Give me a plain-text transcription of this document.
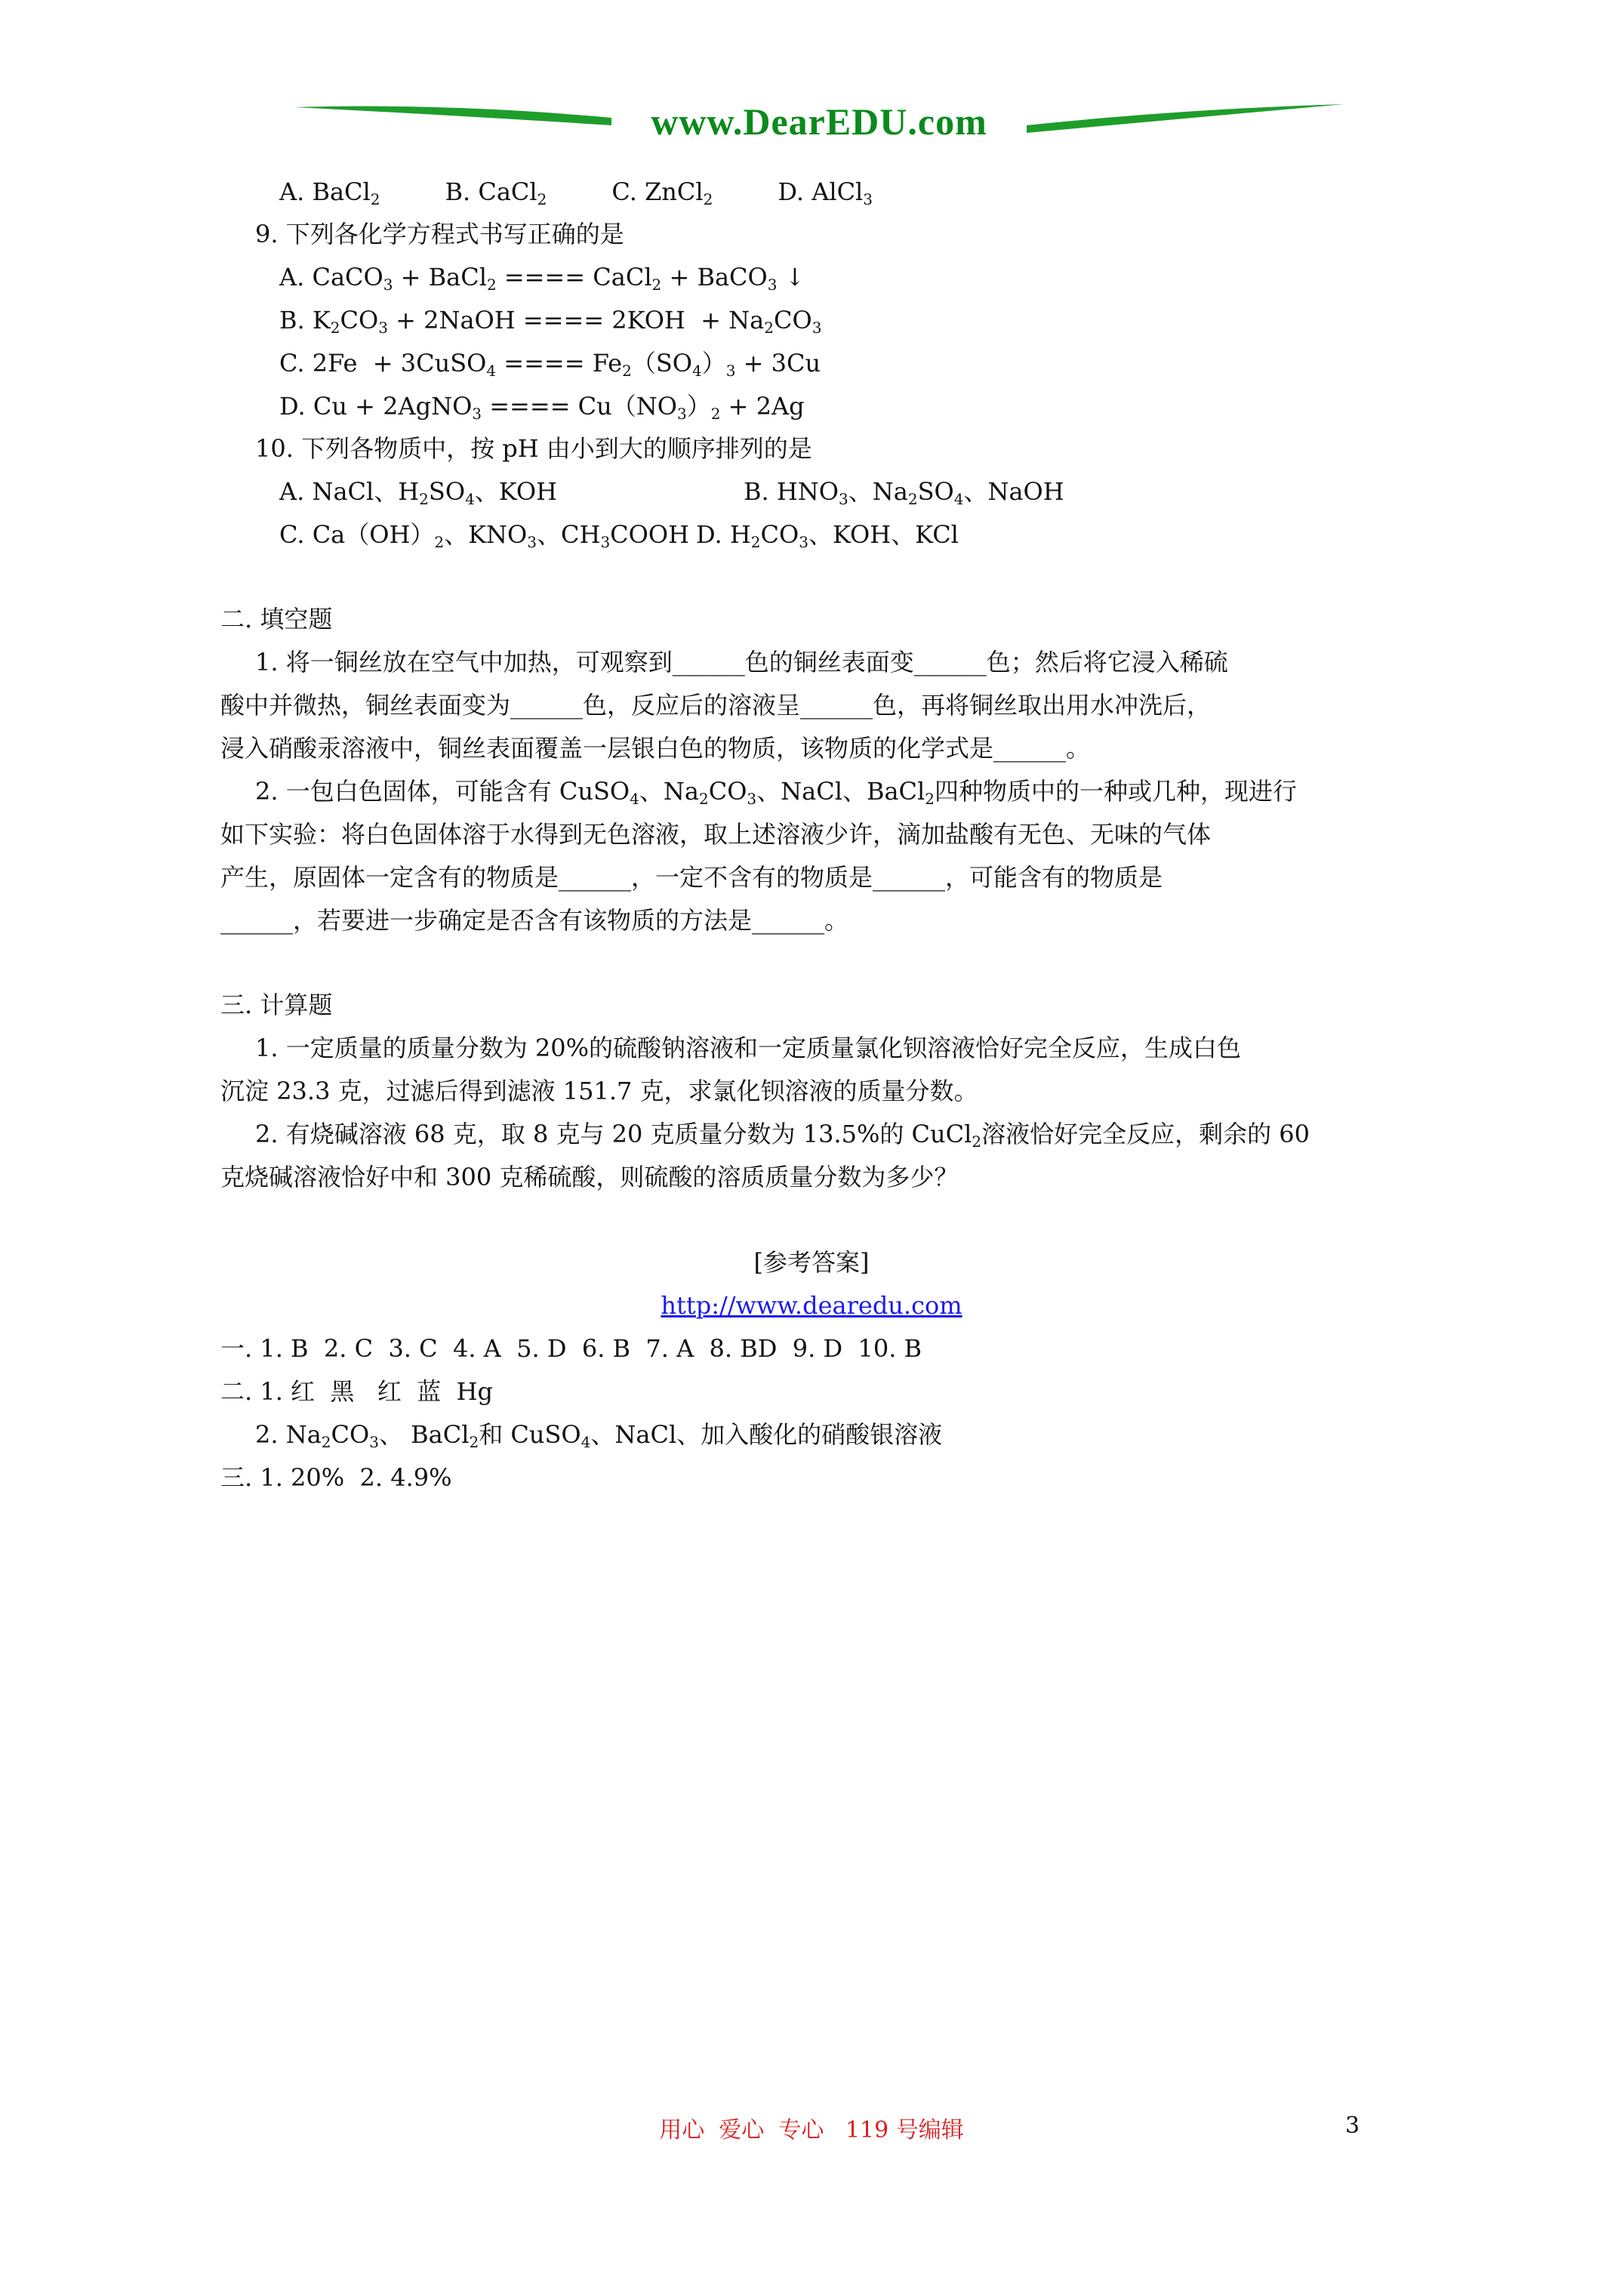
www.DearEDU.com
A. BaCl$_2$	B. CaCl$_2$	C. ZnCl$_2$	D. AlCl$_3$
9. 下列各化学方程式书写正确的是
A. CaCO$_3$ + BaCl$_2$ ==== CaCl$_2$ + BaCO$_3$ ↓
B. $K_2CO_3$ + 2NaOH ==== $2KOH + Na_2CO_3$
C. 2Fe  + 3CuSO$_4$ ==== $Fe_2(SO_4)_3 + 3Cu$
D. Cu + 2AgNO$_3$ ==== $Cu(NO_3)_2 + 2Ag$
10. 下列各物质中，按 pH 由小到大的顺序排列的是
A. NaCl、$H_2SO_4$、KOH	B. $HNO_3$、$Na_2SO_4$、NaOH
C. $Ca(OH)_2$、$KNO_3$、$CH_3COOH$ D. $H_2CO_3$、KOH、KCl
二. 填空题
1. 将一铜丝放在空气中加热，可观察到______色的铜丝表面变______色；然后将它浸入稀硫
酸中并微热，铜丝表面变为______色，反应后的溶液呈______色，再将铜丝取出用水冲洗后，
浸入硝酸汞溶液中，铜丝表面覆盖一层银白色的物质，该物质的化学式是______。
2. 一包白色固体，可能含有 CuSO$_4$、$Na_2CO_3$、NaCl、BaCl$_2$四种物质中的一种或几种，现进行
如下实验：将白色固体溶于水得到无色溶液，取上述溶液少许，滴加盐酸有无色、无味的气体
产生，原固体一定含有的物质是______，一定不含有的物质是______，可能含有的物质是
______，若要进一步确定是否含有该物质的方法是______。
三. 计算题
1. 一定质量的质量分数为 20%的硫酸钠溶液和一定质量氯化钡溶液恰好完全反应，生成白色
沉淀 23.3 克，过滤后得到滤液 151.7 克，求氯化钡溶液的质量分数。
2. 有烧碱溶液 68 克，取 8 克与 20 克质量分数为 13.5%的 CuCl$_2$溶液恰好完全反应，剩余的 60
克烧碱溶液恰好中和 300 克稀硫酸，则硫酸的溶质质量分数为多少？
[参考答案]
http://www.dearedu.com
一. 1. B  2. C  3. C  4. A  5. D  6. B  7. A  8. BD  9. D  10. B
二. 1. 红  黑   红  蓝  Hg
2. $Na_2CO_3$、 BaCl$_2$和 CuSO$_4$、NaCl、加入酸化的硝酸银溶液
三. 1. 20%  2. 4.9%
用心  爱心  专心   119 号编辑	3
